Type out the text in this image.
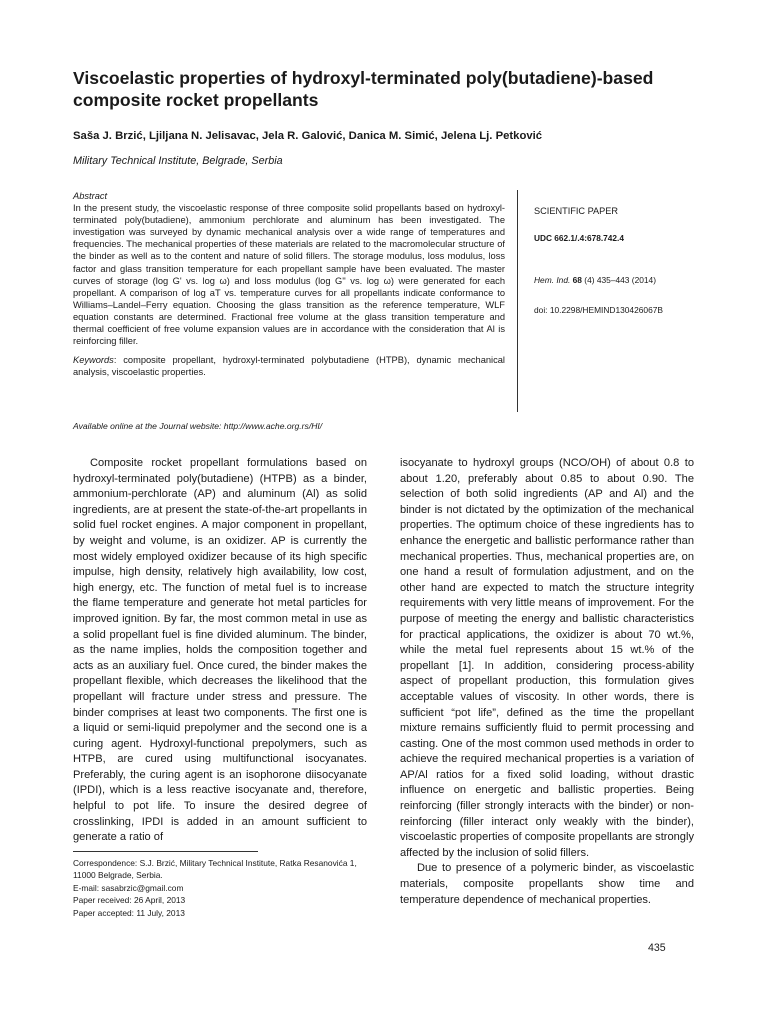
Viscoelastic properties of hydroxyl-terminated poly(butadiene)-based composite rocket propellants
Saša J. Brzić, Ljiljana N. Jelisavac, Jela R. Galović, Danica M. Simić, Jelena Lj. Petković
Military Technical Institute, Belgrade, Serbia
Abstract
In the present study, the viscoelastic response of three composite solid propellants based on hydroxyl-terminated poly(butadiene), ammonium perchlorate and aluminum has been investigated. The investigation was surveyed by dynamic mechanical analysis over a wide range of temperatures and frequencies. The mechanical properties of these materials are related to the macromolecular structure of the binder as well as to the content and nature of solid fillers. The storage modulus, loss modulus, loss factor and glass transition temperature for each propellant sample have been evaluated. The master curves of storage (log G' vs. log ω) and loss modulus (log G'' vs. log ω) were generated for each propellant. A comparison of log aT vs. temperature curves for all propellants indicate conformance to Williams–Landel–Ferry equation. Choosing the glass transition as the reference temperature, WLF equation constants are determined. Fractional free volume at the glass transition temperature and thermal coefficient of free volume expansion values are in accordance with the consideration that Al is reinforcing filler.
Keywords: composite propellant, hydroxyl-terminated polybutadiene (HTPB), dynamic mechanical analysis, viscoelastic properties.
SCIENTIFIC PAPER
UDC 662.1/.4:678.742.4
Hem. Ind. 68 (4) 435–443 (2014)
doi: 10.2298/HEMIND130426067B
Available online at the Journal website: http://www.ache.org.rs/HI/

Composite rocket propellant formulations based on hydroxyl-terminated poly(butadiene) (HTPB) as a binder, ammonium-perchlorate (AP) and aluminum (Al) as solid ingredients, are at present the state-of-the-art propellants in solid fuel rocket engines. A major component in propellant, by weight and volume, is an oxidizer. AP is currently the most widely employed oxidizer because of its high specific impulse, high density, relatively high availability, low cost, high energy, etc. The function of metal fuel is to increase the flame temperature and generate hot metal particles for improved ignition. By far, the most common metal in use as a solid propellant fuel is fine divided aluminum. The binder, as the name implies, holds the composition together and acts as an auxiliary fuel. Once cured, the binder makes the propellant flexible, which decreases the likelihood that the propellant will fracture under stress and pressure. The binder comprises at least two components. The first one is a liquid or semi-liquid prepolymer and the second one is a curing agent. Hydroxyl-functional prepolymers, such as HTPB, are cured using multifunctional isocyanates. Preferably, the curing agent is an isophorone diisocyanate (IPDI), which is a less reactive isocyanate and, therefore, helpful to pot life. To insure the desired degree of crosslinking, IPDI is added in an amount sufficient to generate a ratio of

isocyanate to hydroxyl groups (NCO/OH) of about 0.8 to about 1.20, preferably about 0.85 to about 0.90. The selection of both solid ingredients (AP and Al) and the binder is not dictated by the optimization of the mechanical properties. The optimum choice of these ingredients has to enhance the energetic and ballistic performance rather than mechanical properties. Thus, mechanical properties are, on one hand a result of formulation adjustment, and on the other hand are expected to match the structure integrity requirements with very little means of improvement. For the purpose of meeting the energy and ballistic characteristics for practical applications, the oxidizer is about 70 wt.%, while the metal fuel represents about 15 wt.% of the propellant [1]. In addition, considering process-ability aspect of propellant production, this formulation gives acceptable values of viscosity. In other words, there is sufficient “pot life”, defined as the time the propellant mixture remains sufficiently fluid to permit processing and casting. One of the most common used methods in order to achieve the required mechanical properties is a variation of AP/Al ratios for a fixed solid loading, without drastic influence on energetic and ballistic properties. Being reinforcing (filler strongly interacts with the binder) or non-reinforcing (filler interact only weakly with the binder), viscoelastic properties of composite propellants are strongly affected by the inclusion of solid fillers.

Due to presence of a polymeric binder, as viscoelastic materials, composite propellants show time and temperature dependence of mechanical properties.

Correspondence: S.J. Brzić, Military Technical Institute, Ratka Resanovića 1, 11000 Belgrade, Serbia.
E-mail: sasabrzic@gmail.com
Paper received: 26 April, 2013
Paper accepted: 11 July, 2013
435
